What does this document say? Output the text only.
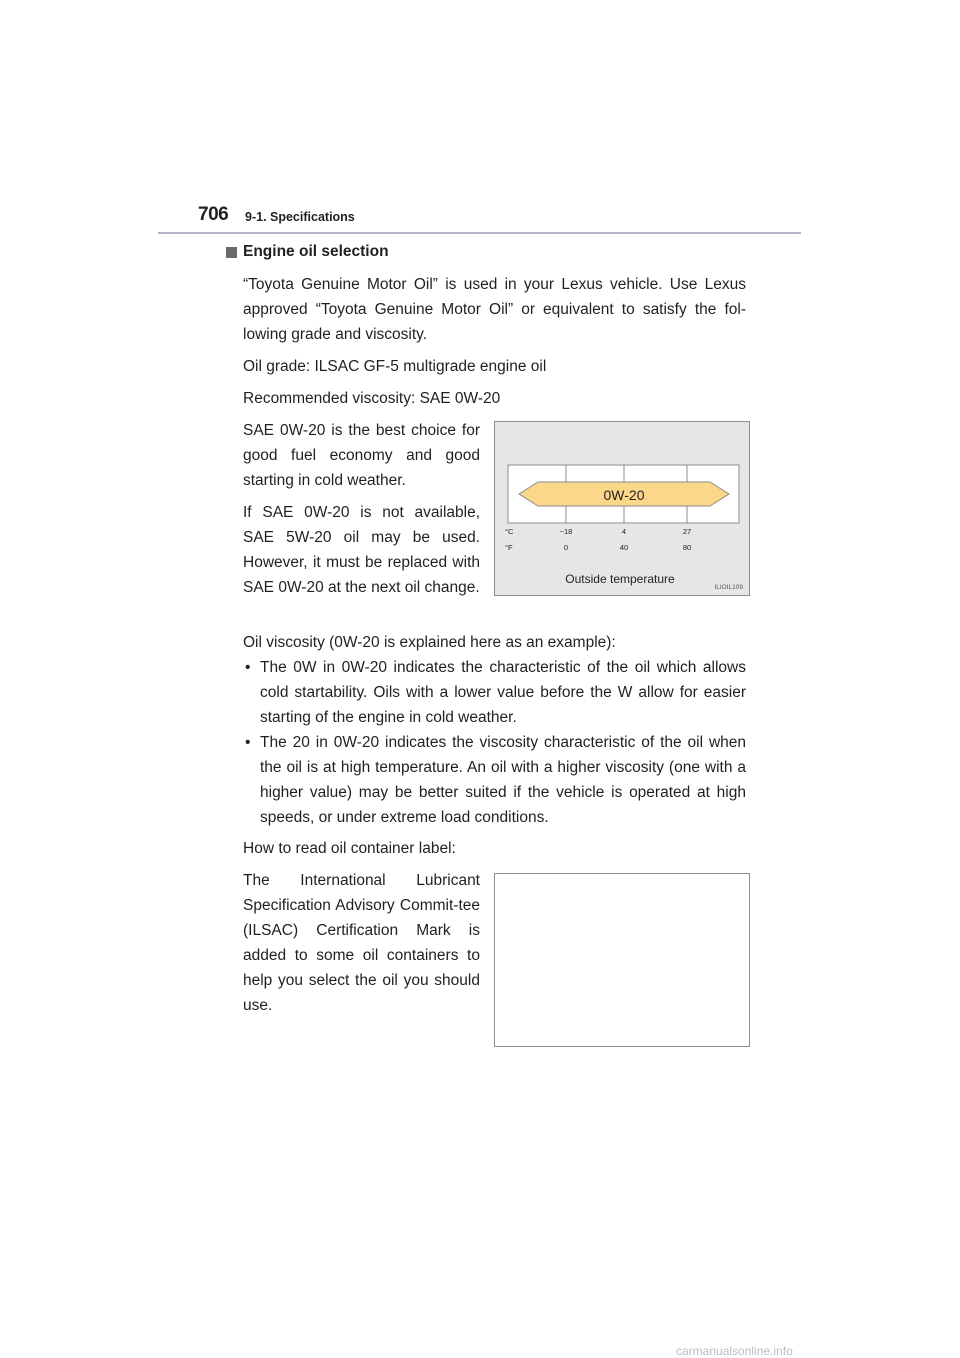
706 9-1. Specifications
Engine oil selection
“Toyota Genuine Motor Oil” is used in your Lexus vehicle. Use Lexus approved “Toyota Genuine Motor Oil” or equivalent to satisfy the fol-lowing grade and viscosity.
Oil grade: ILSAC GF-5 multigrade engine oil
Recommended viscosity: SAE 0W-20
SAE 0W-20 is the best choice for good fuel economy and good starting in cold weather.
If SAE 0W-20 is not available, SAE 5W-20 oil may be used. However, it must be replaced with SAE 0W-20 at the next oil change.
0W-20
°C
°F
−18	4	27
0	40	80
Outside temperature
ILIOIL109
Oil viscosity (0W-20 is explained here as an example):
• The 0W in 0W-20 indicates the characteristic of the oil which allows cold startability. Oils with a lower value before the W allow for easier starting of the engine in cold weather.
• The 20 in 0W-20 indicates the viscosity characteristic of the oil when the oil is at high temperature. An oil with a higher viscosity (one with a higher value) may be better suited if the vehicle is operated at high speeds, or under extreme load conditions.
How to read oil container label:
The International Lubricant Specification Advisory Commit-tee (ILSAC) Certification Mark is added to some oil containers to help you select the oil you should use.
carmanualsonline.info
